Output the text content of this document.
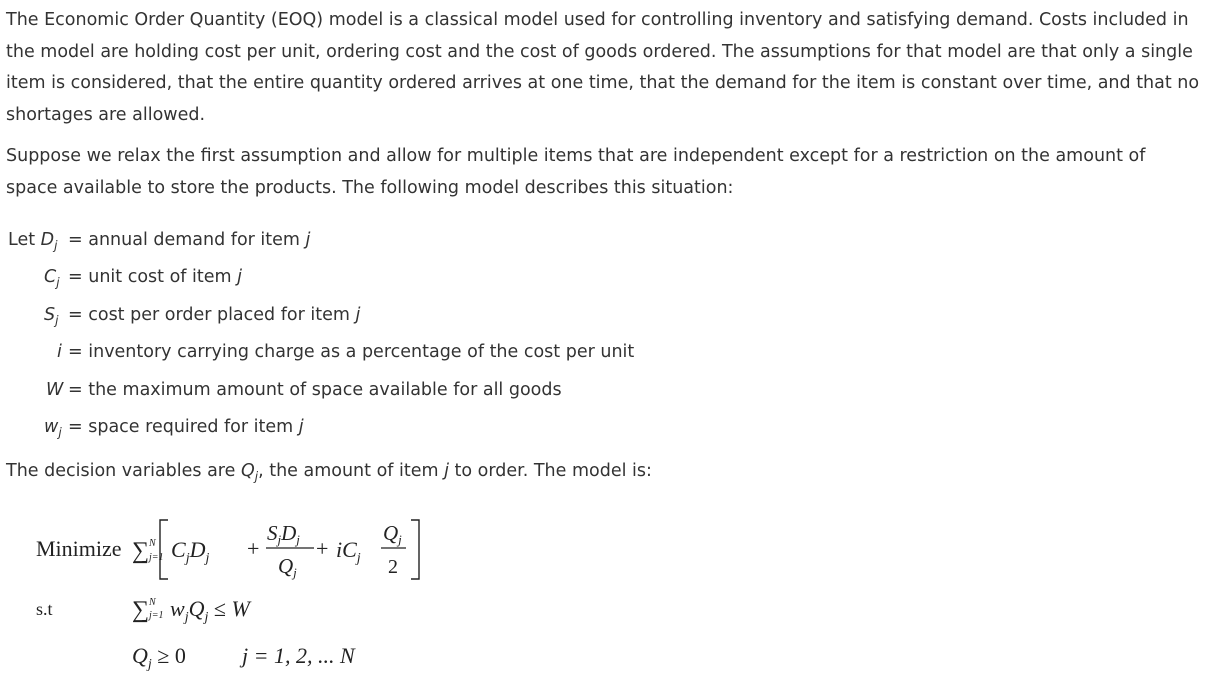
The Economic Order Quantity (EOQ) model is a classical model used for controlling inventory and satisfying demand. Costs included in the model are holding cost per unit, ordering cost and the cost of goods ordered. The assumptions for that model are that only a single item is considered, that the entire quantity ordered arrives at one time, that the demand for the item is constant over time, and that no shortages are allowed.

Suppose we relax the first assumption and allow for multiple items that are independent except for a restriction on the amount of space available to store the products. The following model describes this situation:

Let $D_j$ = annual demand for item j
$C_j$ = unit cost of item j
$S_j = \cos t$ per order placed for item j
i = inventory carrying charge as a percentage of the cost per unit
W = the maximum amount of space available for all goods
$w_j$ = space required for item j
The decision variables are $Q_j$, the amount of item j to order. The model is:
Minimize ∑ N
j=1 $C_jD_j$ +
SjDj
Qj
+ $iC_j$
Qj
2
s.t	∑ N
j=1 $w_jQ_j \le W$
$Q_j \ge 0$	j = 1, 2, ... N
